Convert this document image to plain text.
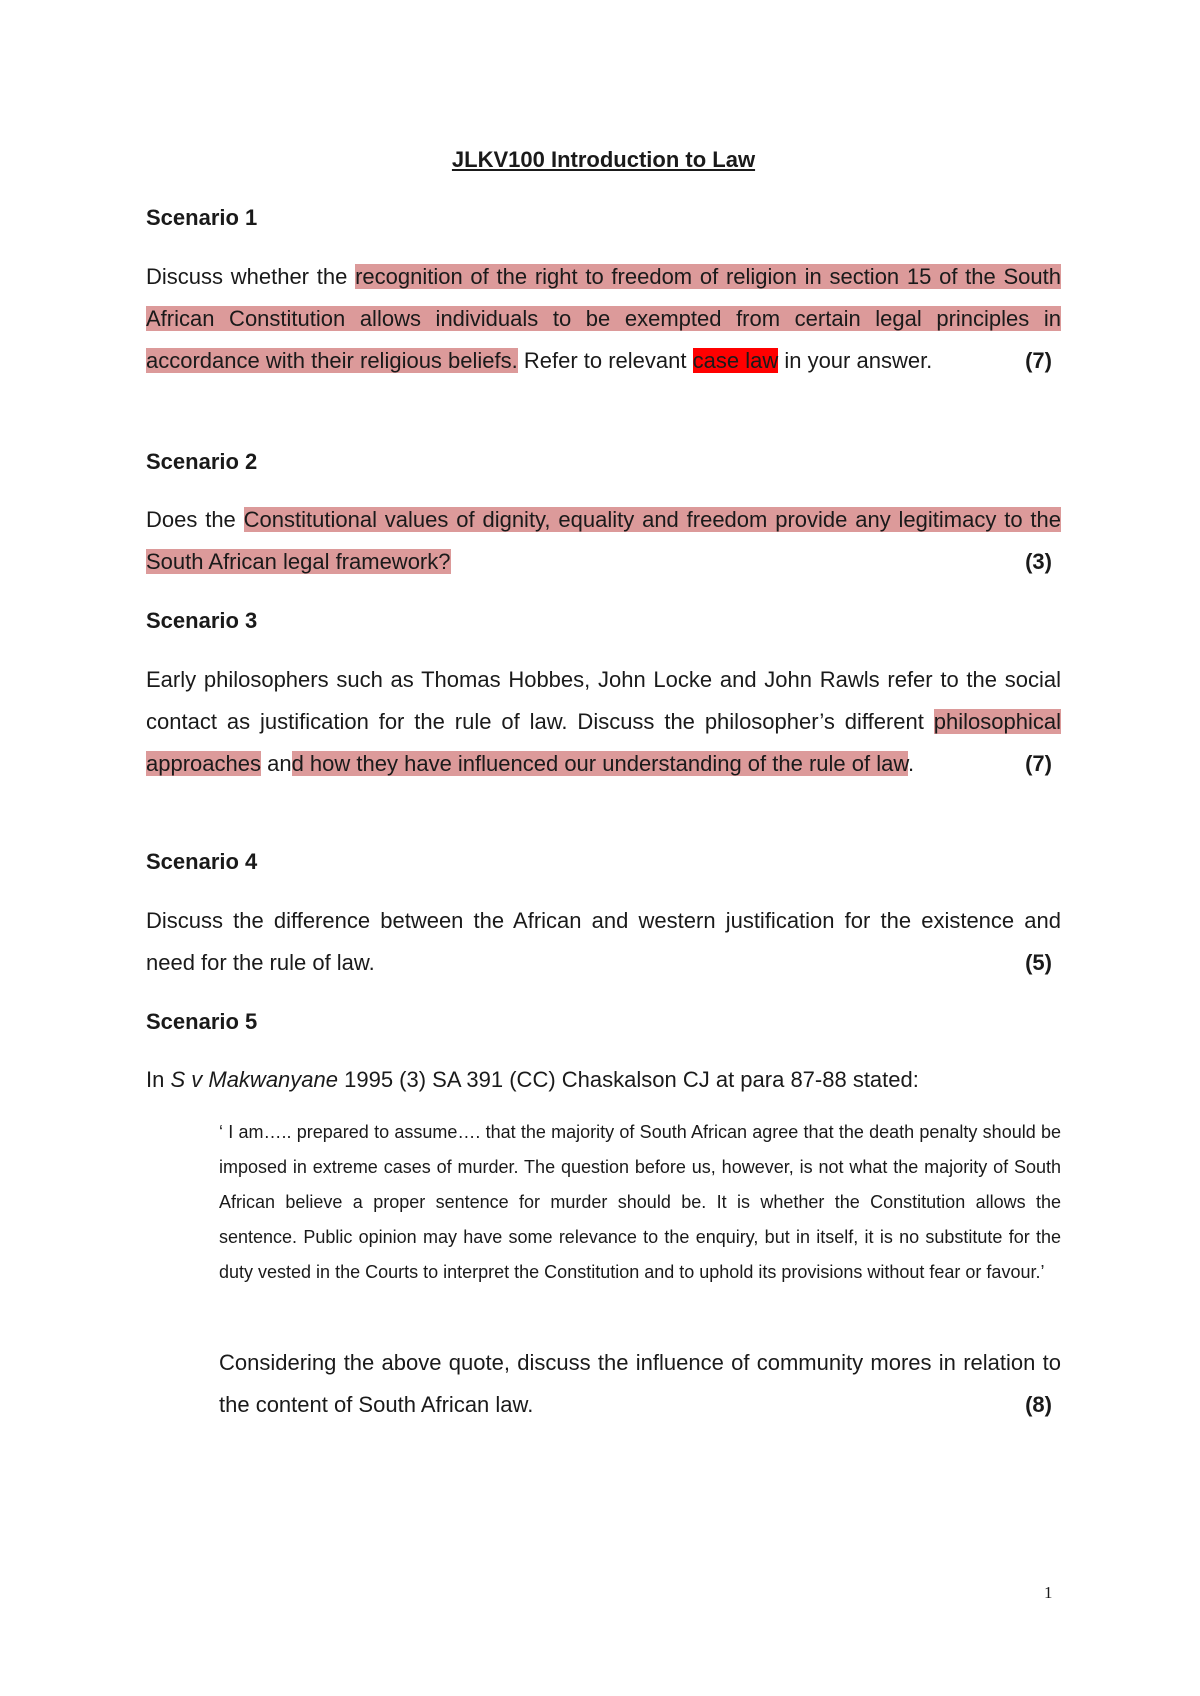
JLKV100 Introduction to Law
Scenario 1

Discuss whether the recognition of the right to freedom of religion in section 15 of the South African Constitution allows individuals to be exempted from certain legal principles in accordance with their religious beliefs. Refer to relevant case law in your answer.	(7)

Scenario 2

Does the Constitutional values of dignity, equality and freedom provide any legitimacy to the South African legal framework?	(3)

Scenario 3

Early philosophers such as Thomas Hobbes, John Locke and John Rawls refer to the social contact as justification for the rule of law. Discuss the philosopher’s different philosophical approaches and how they have influenced our understanding of the rule of law.	(7)

Scenario 4

Discuss the difference between the African and western justification for the existence and need for the rule of law.	(5)

Scenario 5

In S v Makwanyane 1995 (3) SA 391 (CC) Chaskalson CJ at para 87-88 stated:

‘ I am….. prepared to assume…. that the majority of South African agree that the death penalty should be imposed in extreme cases of murder. The question before us, however, is not what the majority of South African believe a proper sentence for murder should be. It is whether the Constitution allows the sentence. Public opinion may have some relevance to the enquiry, but in itself, it is no substitute for the duty vested in the Courts to interpret the Constitution and to uphold its provisions without fear or favour.’

Considering the above quote, discuss the influence of community mores in relation to the content of South African law.	(8)

1
